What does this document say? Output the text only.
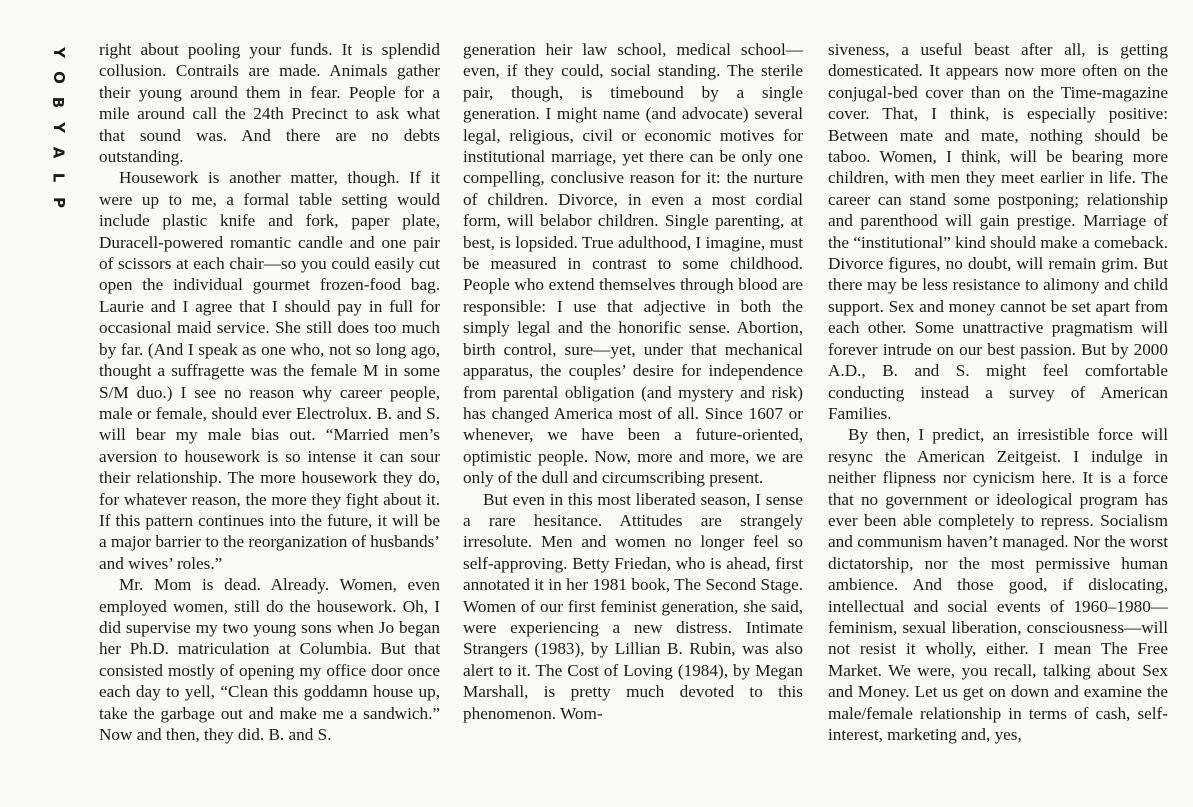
Y
O
B
Y
A
L
P

right about pooling your funds. It is splendid collusion. Contrails are made. Animals gather their young around them in fear. People for a mile around call the 24th Precinct to ask what that sound was. And there are no debts outstanding.

Housework is another matter, though. If it were up to me, a formal table setting would include plastic knife and fork, paper plate, Duracell-powered romantic candle and one pair of scissors at each chair—so you could easily cut open the individual gourmet frozen-food bag. Laurie and I agree that I should pay in full for occasional maid service. She still does too much by far. (And I speak as one who, not so long ago, thought a suffragette was the female M in some S/M duo.) I see no reason why career people, male or female, should ever Electrolux. B. and S. will bear my male bias out. “Married men’s aversion to housework is so intense it can sour their relationship. The more housework they do, for whatever reason, the more they fight about it. If this pattern continues into the future, it will be a major barrier to the reorganization of husbands’ and wives’ roles.”

Mr. Mom is dead. Already. Women, even employed women, still do the housework. Oh, I did supervise my two young sons when Jo began her Ph.D. matriculation at Columbia. But that consisted mostly of opening my office door once each day to yell, “Clean this goddamn house up, take the garbage out and make me a sandwich.” Now and then, they did. B. and S.

generation heir law school, medical school—even, if they could, social standing. The sterile pair, though, is timebound by a single generation. I might name (and advocate) several legal, religious, civil or economic motives for institutional marriage, yet there can be only one compelling, conclusive reason for it: the nurture of children. Divorce, in even a most cordial form, will belabor children. Single parenting, at best, is lopsided. True adulthood, I imagine, must be measured in contrast to some childhood. People who extend themselves through blood are responsible: I use that adjective in both the simply legal and the honorific sense. Abortion, birth control, sure—yet, under that mechanical apparatus, the couples’ desire for independence from parental obligation (and mystery and risk) has changed America most of all. Since 1607 or whenever, we have been a future-oriented, optimistic people. Now, more and more, we are only of the dull and circumscribing present.

But even in this most liberated season, I sense a rare hesitance. Attitudes are strangely irresolute. Men and women no longer feel so self-approving. Betty Friedan, who is ahead, first annotated it in her 1981 book, The Second Stage. Women of our first feminist generation, she said, were experiencing a new distress. Intimate Strangers (1983), by Lillian B. Rubin, was also alert to it. The Cost of Loving (1984), by Megan Marshall, is pretty much devoted to this phenomenon. Wom-

siveness, a useful beast after all, is getting domesticated. It appears now more often on the conjugal-bed cover than on the Time-magazine cover. That, I think, is especially positive: Between mate and mate, nothing should be taboo. Women, I think, will be bearing more children, with men they meet earlier in life. The career can stand some postponing; relationship and parenthood will gain prestige. Marriage of the “institutional” kind should make a comeback. Divorce figures, no doubt, will remain grim. But there may be less resistance to alimony and child support. Sex and money cannot be set apart from each other. Some unattractive pragmatism will forever intrude on our best passion. But by 2000 A.D., B. and S. might feel comfortable conducting instead a survey of American Families.

By then, I predict, an irresistible force will resync the American Zeitgeist. I indulge in neither flipness nor cynicism here. It is a force that no government or ideological program has ever been able completely to repress. Socialism and communism haven’t managed. Nor the worst dictatorship, nor the most permissive human ambience. And those good, if dislocating, intellectual and social events of 1960–1980—feminism, sexual liberation, consciousness—will not resist it wholly, either. I mean The Free Market. We were, you recall, talking about Sex and Money. Let us get on down and examine the male/female relationship in terms of cash, self-interest, marketing and, yes,
